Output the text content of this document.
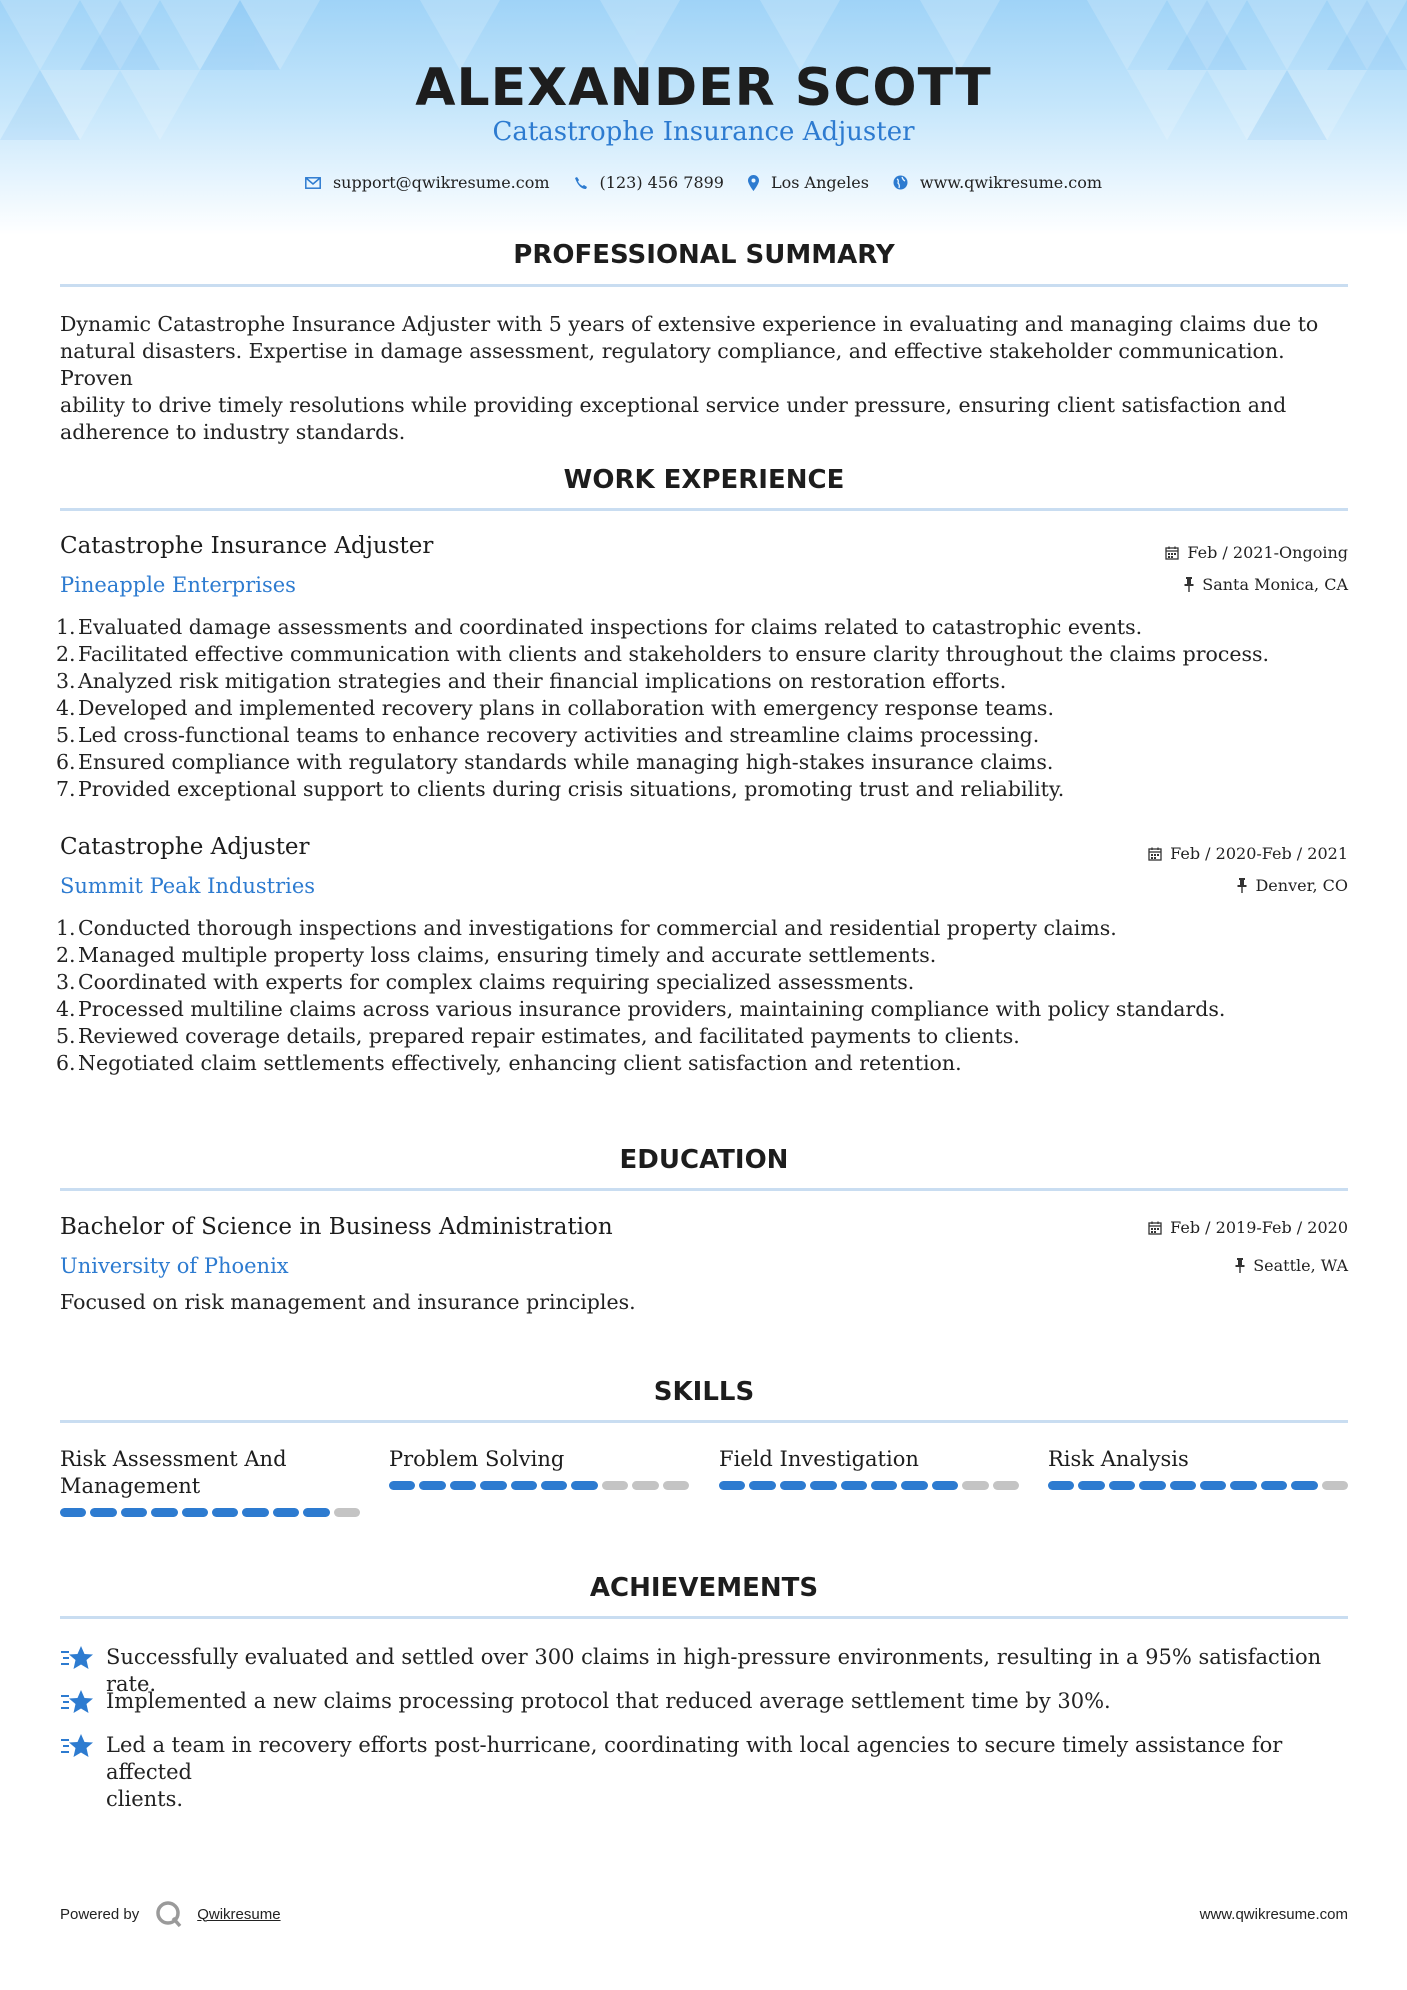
ALEXANDER SCOTT
Catastrophe Insurance Adjuster
support@qwikresume.com	(123) 456 7899	Los Angeles	www.qwikresume.com
PROFESSIONAL SUMMARY
Dynamic Catastrophe Insurance Adjuster with 5 years of extensive experience in evaluating and managing claims due to
natural disasters. Expertise in damage assessment, regulatory compliance, and effective stakeholder communication. Proven
ability to drive timely resolutions while providing exceptional service under pressure, ensuring client satisfaction and
adherence to industry standards.
WORK EXPERIENCE
Catastrophe Insurance Adjuster
Pineapple Enterprises
Feb / 2021-Ongoing
Santa Monica, CA
1. Evaluated damage assessments and coordinated inspections for claims related to catastrophic events.
2. Facilitated effective communication with clients and stakeholders to ensure clarity throughout the claims process.
3. Analyzed risk mitigation strategies and their financial implications on restoration efforts.
4. Developed and implemented recovery plans in collaboration with emergency response teams.
5. Led cross-functional teams to enhance recovery activities and streamline claims processing.
6. Ensured compliance with regulatory standards while managing high-stakes insurance claims.
7. Provided exceptional support to clients during crisis situations, promoting trust and reliability.
Catastrophe Adjuster
Summit Peak Industries
Feb / 2020-Feb / 2021
Denver, CO
1. Conducted thorough inspections and investigations for commercial and residential property claims.
2. Managed multiple property loss claims, ensuring timely and accurate settlements.
3. Coordinated with experts for complex claims requiring specialized assessments.
4. Processed multiline claims across various insurance providers, maintaining compliance with policy standards.
5. Reviewed coverage details, prepared repair estimates, and facilitated payments to clients.
6. Negotiated claim settlements effectively, enhancing client satisfaction and retention.
EDUCATION
Bachelor of Science in Business Administration
University of Phoenix
Feb / 2019-Feb / 2020
Seattle, WA
Focused on risk management and insurance principles.
SKILLS
Risk Assessment And
Management
Problem Solving	Field Investigation	Risk Analysis
ACHIEVEMENTS
Successfully evaluated and settled over 300 claims in high-pressure environments, resulting in a 95% satisfaction rate.
Implemented a new claims processing protocol that reduced average settlement time by 30%.
Led a team in recovery efforts post-hurricane, coordinating with local agencies to secure timely assistance for affected
clients.
Powered by	Qwikresume	www.qwikresume.com
